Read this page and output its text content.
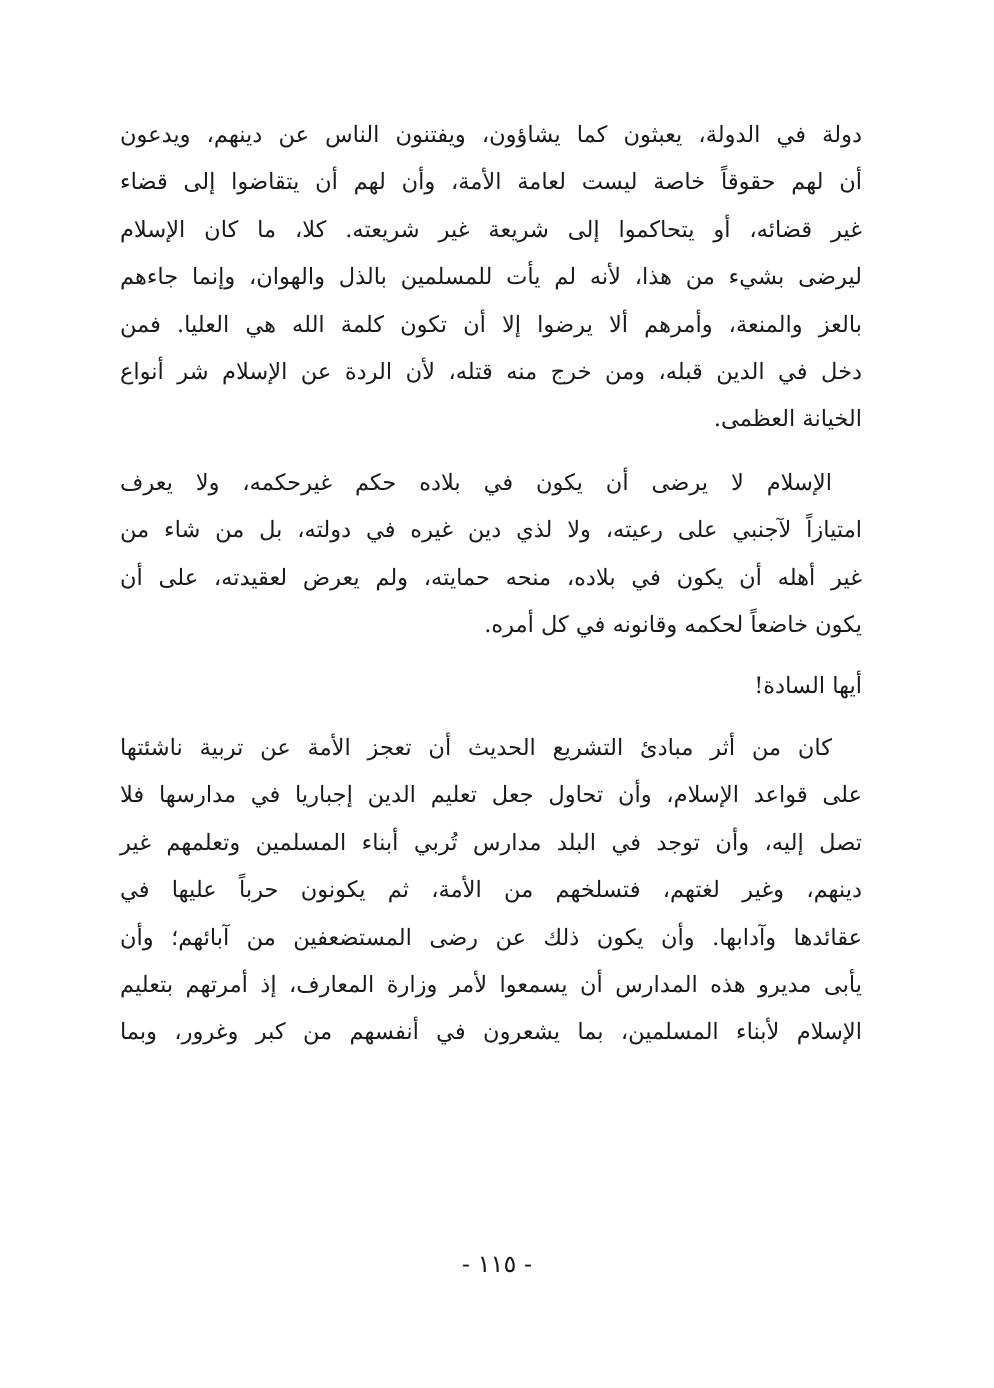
دولة في الدولة، يعبثون كما يشاؤون، ويفتنون الناس عن دينهم، ويدعون
أن لهم حقوقاً خاصة ليست لعامة الأمة، وأن لهم أن يتقاضوا إلى قضاء
غير قضائه، أو يتحاكموا إلى شريعة غير شريعته. كلا، ما كان الإسلام
ليرضى بشيء من هذا، لأنه لم يأت للمسلمين بالذل والهوان، وإنما جاءهم
بالعز والمنعة، وأمرهم ألا يرضوا إلا أن تكون كلمة الله هي العليا. فمن
دخل في الدين قبله، ومن خرج منه قتله، لأن الردة عن الإسلام شر أنواع
الخيانة العظمى.

الإسلام لا يرضى أن يكون في بلاده حكم غيرحكمه، ولا يعرف
امتيازاً لآجنبي على رعيته، ولا لذي دين غيره في دولته، بل من شاء من
غير أهله أن يكون في بلاده، منحه حمايته، ولم يعرض لعقيدته، على أن
يكون خاضعاً لحكمه وقانونه في كل أمره.

أيها السادة!

كان من أثر مبادئ التشريع الحديث أن تعجز الأمة عن تربية ناشئتها
على قواعد الإسلام، وأن تحاول جعل تعليم الدين إجباريا في مدارسها فلا
تصل إليه، وأن توجد في البلد مدارس تُربي أبناء المسلمين وتعلمهم غير
دينهم، وغير لغتهم، فتسلخهم من الأمة، ثم يكونون حرباً عليها في
عقائدها وآدابها. وأن يكون ذلك عن رضى المستضعفين من آبائهم؛ وأن
يأبى مديرو هذه المدارس أن يسمعوا لأمر وزارة المعارف، إذ أمرتهم بتعليم
الإسلام لأبناء المسلمين، بما يشعرون في أنفسهم من كبر وغرور، وبما

- ١١٥ -
